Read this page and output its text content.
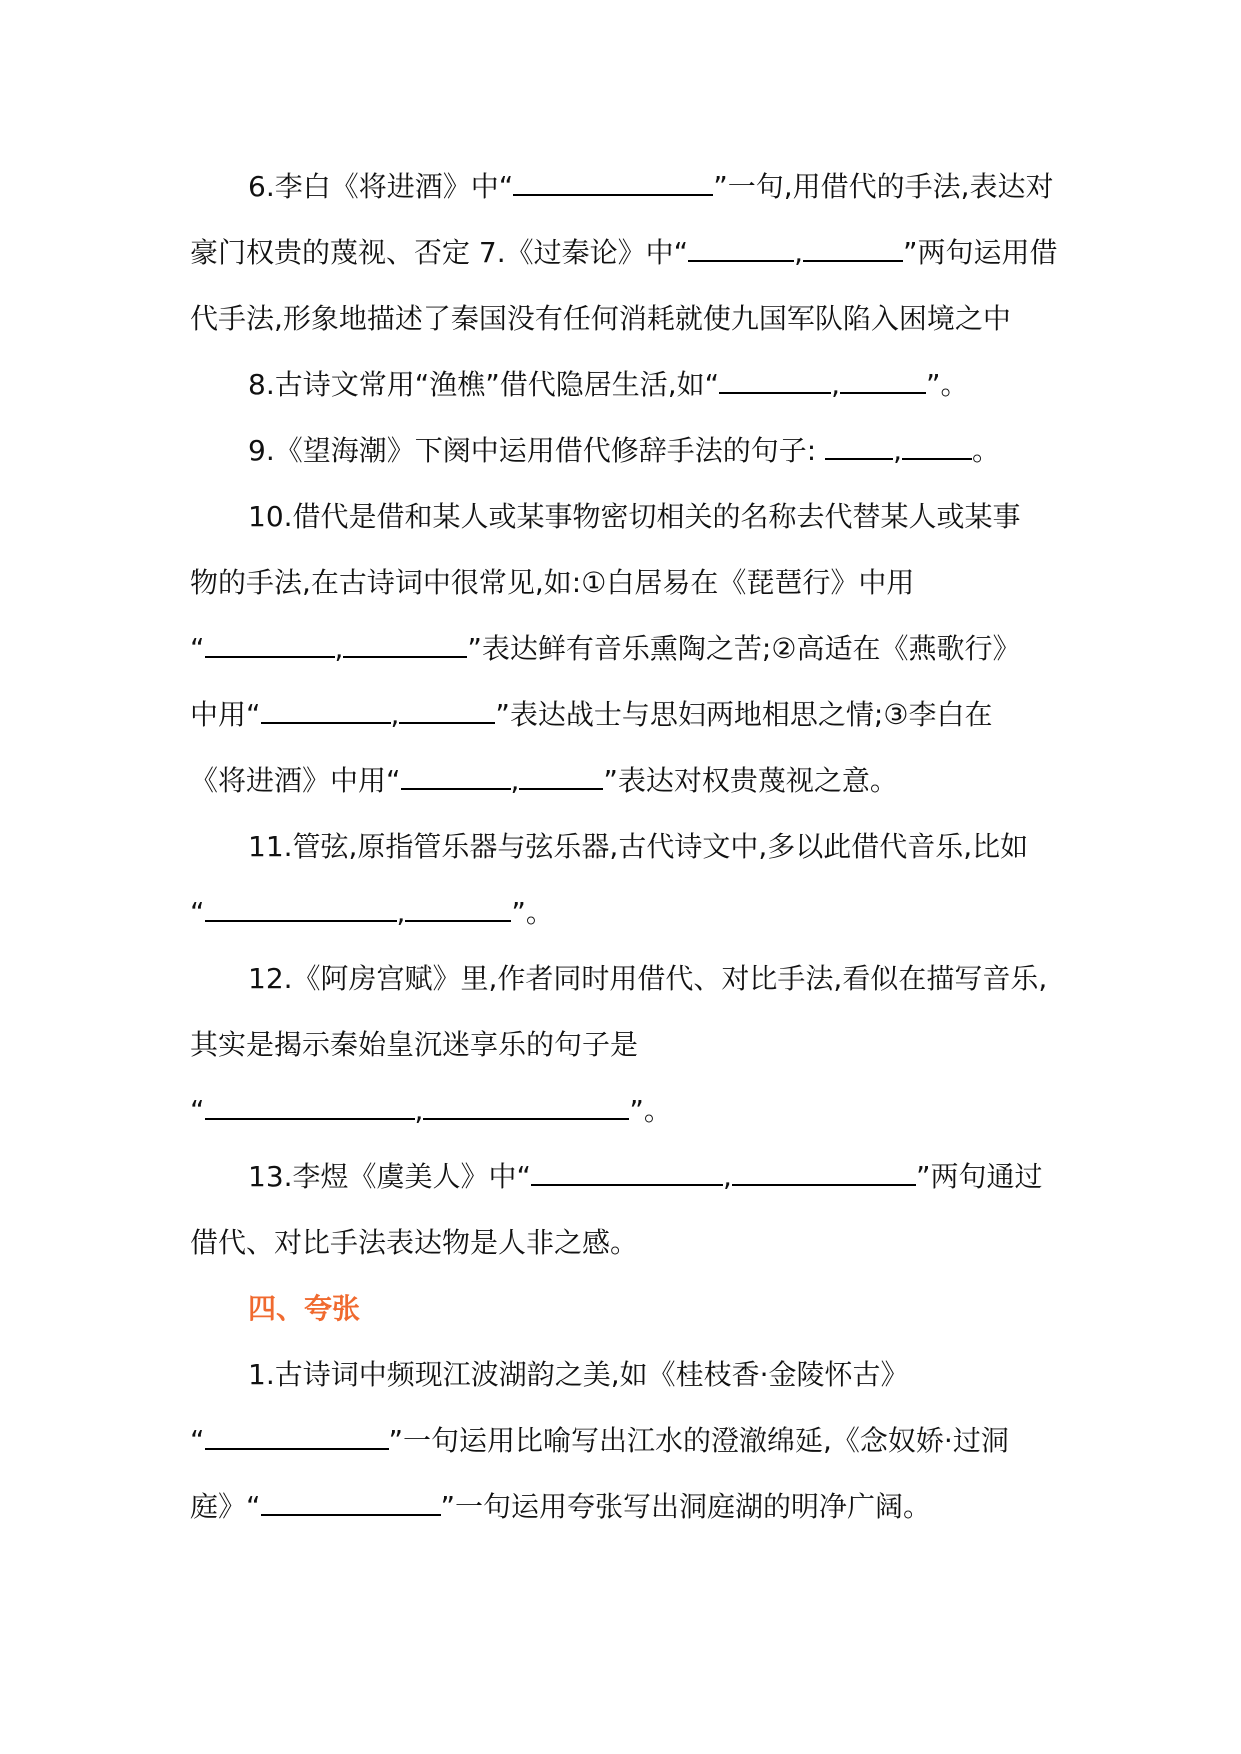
6.李白《将进酒》中“	”一句,用借代的手法,表达对

豪门权贵的蔑视、否定 7.《过秦论》中“	,	”两句运用借

代手法,形象地描述了秦国没有任何消耗就使九国军队陷入困境之中

8.古诗文常用“渔樵”借代隐居生活,如“	,	”。

9.《望海潮》下阕中运用借代修辞手法的句子: ,	。

10.借代是借和某人或某事物密切相关的名称去代替某人或某事

物的手法,在古诗词中很常见,如:①白居易在《琵琶行》中用

“	,	”表达鲜有音乐熏陶之苦;②高适在《燕歌行》

中用“	,	”表达战士与思妇两地相思之情;③李白在

《将进酒》中用“	,	”表达对权贵蔑视之意。

11.管弦,原指管乐器与弦乐器,古代诗文中,多以此借代音乐,比如

“	,	”。

12.《阿房宫赋》里,作者同时用借代、对比手法,看似在描写音乐,

其实是揭示秦始皇沉迷享乐的句子是

“	,	”。

13.李煜《虞美人》中“	,	”两句通过

借代、对比手法表达物是人非之感。

四、夸张

1.古诗词中频现江波湖韵之美,如《桂枝香·金陵怀古》

“	”一句运用比喻写出江水的澄澈绵延,《念奴娇·过洞

庭》“	”一句运用夸张写出洞庭湖的明净广阔。
